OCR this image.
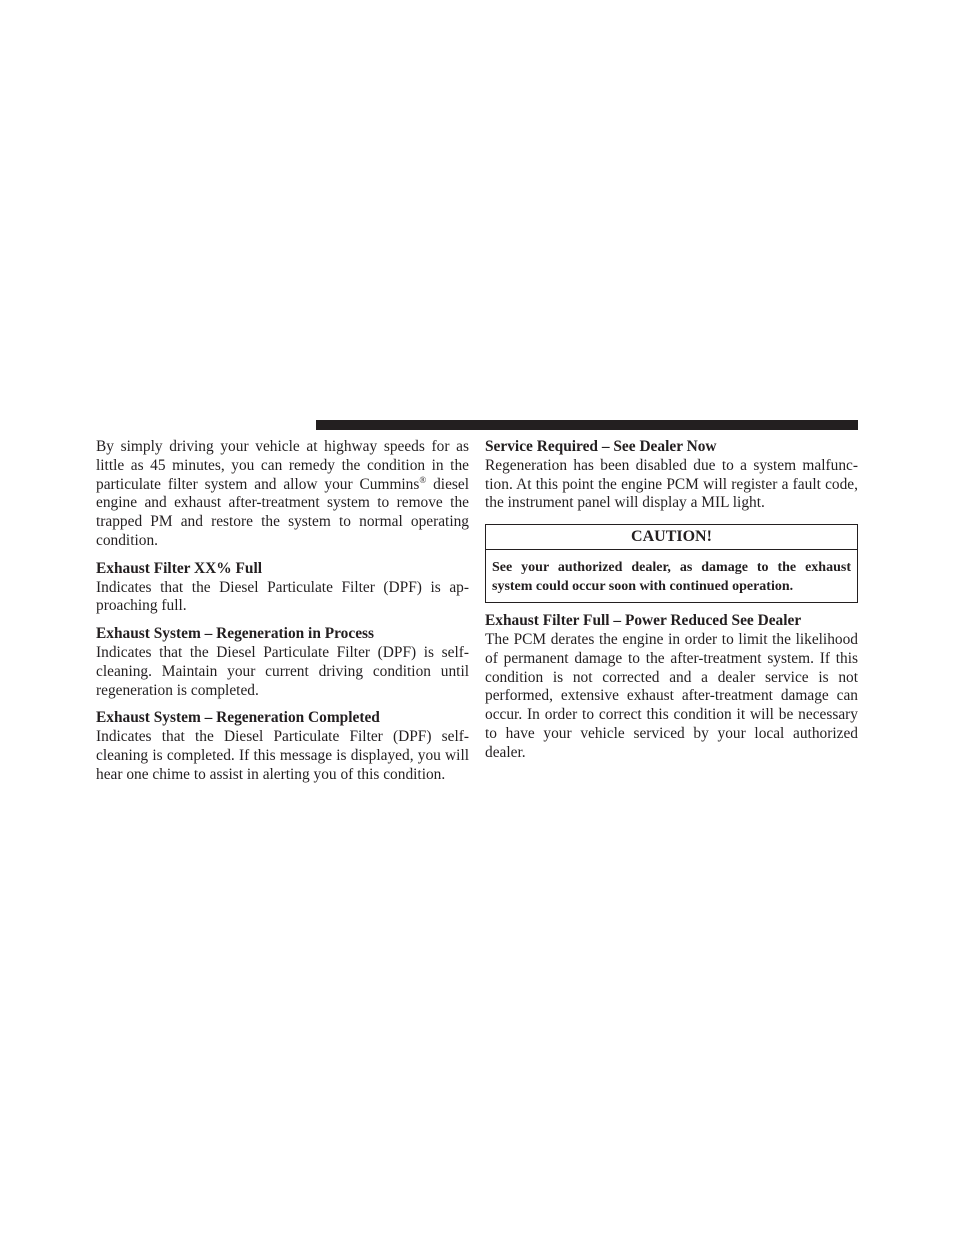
By simply driving your vehicle at highway speeds for as little as 45 minutes, you can remedy the condition in the particulate filter system and allow your Cummins® diesel engine and exhaust after-treatment system to remove the trapped PM and restore the system to normal operating condition.

Exhaust Filter XX% Full

Indicates that the Diesel Particulate Filter (DPF) is approaching full.

Exhaust System – Regeneration in Process

Indicates that the Diesel Particulate Filter (DPF) is self-cleaning. Maintain your current driving condition until regeneration is completed.

Exhaust System – Regeneration Completed

Indicates that the Diesel Particulate Filter (DPF) self-cleaning is completed. If this message is displayed, you will hear one chime to assist in alerting you of this condition.

Service Required – See Dealer Now

Regeneration has been disabled due to a system malfunction. At this point the engine PCM will register a fault code, the instrument panel will display a MIL light.

CAUTION!
See your authorized dealer, as damage to the exhaust system could occur soon with continued operation.

Exhaust Filter Full – Power Reduced See Dealer

The PCM derates the engine in order to limit the likelihood of permanent damage to the after-treatment system. If this condition is not corrected and a dealer service is not performed, extensive exhaust after-treatment damage can occur. In order to correct this condition it will be necessary to have your vehicle serviced by your local authorized dealer.
